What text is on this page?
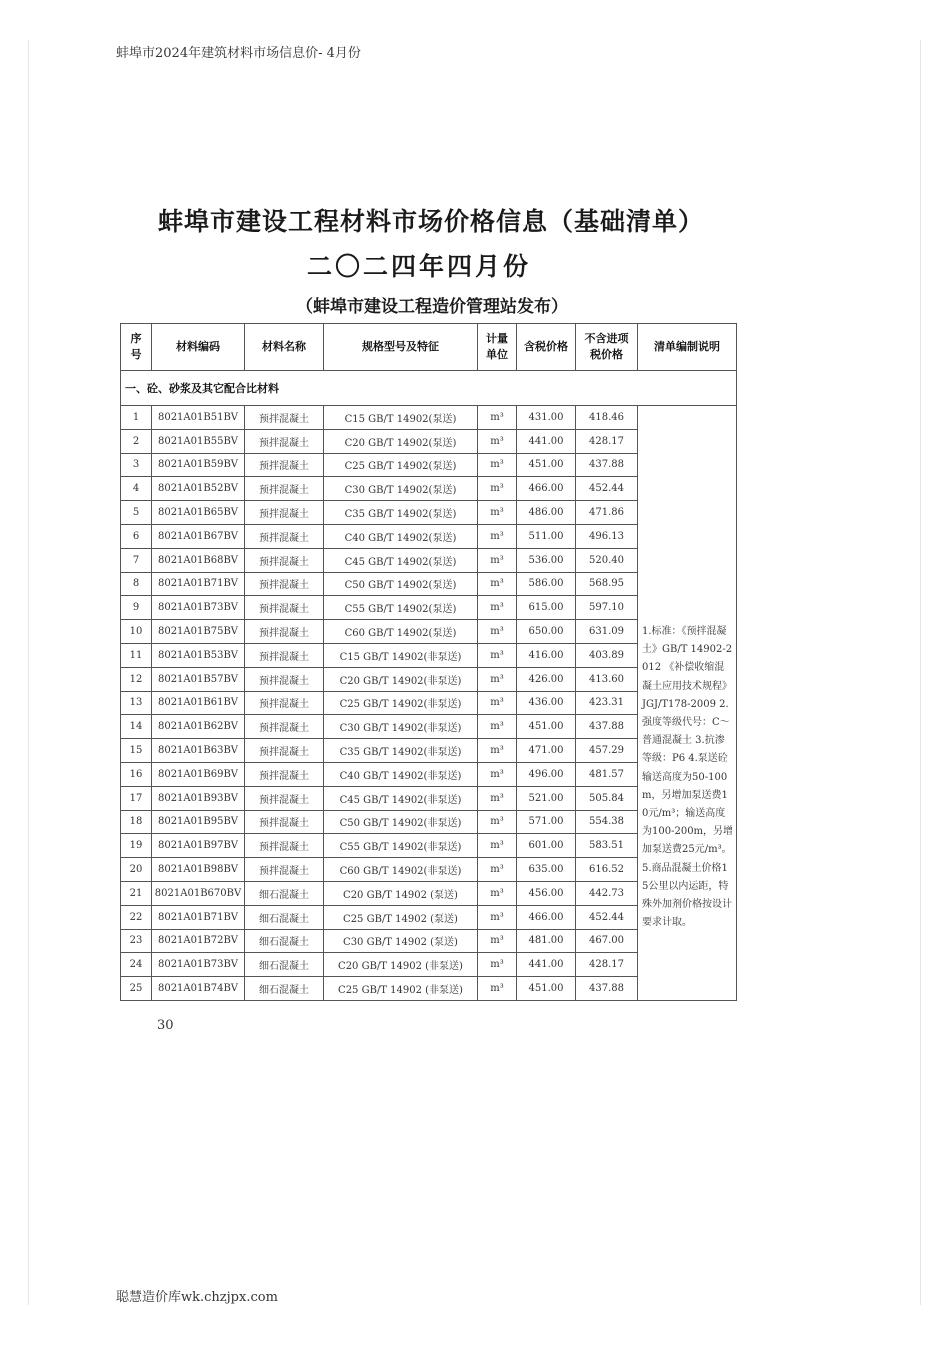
蚌埠市2024年建筑材料市场信息价- 4月份
蚌埠市建设工程材料市场价格信息（基础清单）
二〇二四年四月份
（蚌埠市建设工程造价管理站发布）
序号	材料编码	材料名称	规格型号及特征	计量单位	含税价格	不含进项税价格	清单编制说明
一、砼、砂浆及其它配合比材料							
1	8021A01B51BV	预拌混凝土	C15 GB/T 14902(泵送)	m³	431.00	418.46	1.标准：《预拌混凝土》GB/T 14902-2012 《补偿收缩混凝土应用技术规程》JGJ/T178-2009 2.强度等级代号：C～普通混凝土 3.抗渗等级：P6 4.泵送砼输送高度为50-100m，另增加泵送费10元/m³；输送高度为100-200m，另增加泵送费25元/m³。5.商品混凝土价格15公里以内运距，特殊外加剂价格按设计要求计取。
2	8021A01B55BV	预拌混凝土	C20 GB/T 14902(泵送)	m³	441.00	428.17	
3	8021A01B59BV	预拌混凝土	C25 GB/T 14902(泵送)	m³	451.00	437.88	
4	8021A01B52BV	预拌混凝土	C30 GB/T 14902(泵送)	m³	466.00	452.44	
5	8021A01B65BV	预拌混凝土	C35 GB/T 14902(泵送)	m³	486.00	471.86	
6	8021A01B67BV	预拌混凝土	C40 GB/T 14902(泵送)	m³	511.00	496.13	
7	8021A01B68BV	预拌混凝土	C45 GB/T 14902(泵送)	m³	536.00	520.40	
8	8021A01B71BV	预拌混凝土	C50 GB/T 14902(泵送)	m³	586.00	568.95	
9	8021A01B73BV	预拌混凝土	C55 GB/T 14902(泵送)	m³	615.00	597.10	
10	8021A01B75BV	预拌混凝土	C60 GB/T 14902(泵送)	m³	650.00	631.09	
11	8021A01B53BV	预拌混凝土	C15 GB/T 14902(非泵送)	m³	416.00	403.89	
12	8021A01B57BV	预拌混凝土	C20 GB/T 14902(非泵送)	m³	426.00	413.60	
13	8021A01B61BV	预拌混凝土	C25 GB/T 14902(非泵送)	m³	436.00	423.31	
14	8021A01B62BV	预拌混凝土	C30 GB/T 14902(非泵送)	m³	451.00	437.88	
15	8021A01B63BV	预拌混凝土	C35 GB/T 14902(非泵送)	m³	471.00	457.29	
16	8021A01B69BV	预拌混凝土	C40 GB/T 14902(非泵送)	m³	496.00	481.57	
17	8021A01B93BV	预拌混凝土	C45 GB/T 14902(非泵送)	m³	521.00	505.84	
18	8021A01B95BV	预拌混凝土	C50 GB/T 14902(非泵送)	m³	571.00	554.38	
19	8021A01B97BV	预拌混凝土	C55 GB/T 14902(非泵送)	m³	601.00	583.51	
20	8021A01B98BV	预拌混凝土	C60 GB/T 14902(非泵送)	m³	635.00	616.52	
21	8021A01B670BV	细石混凝土	C20 GB/T 14902 (泵送)	m³	456.00	442.73	
22	8021A01B71BV	细石混凝土	C25 GB/T 14902 (泵送)	m³	466.00	452.44	
23	8021A01B72BV	细石混凝土	C30 GB/T 14902 (泵送)	m³	481.00	467.00	
24	8021A01B73BV	细石混凝土	C20 GB/T 14902 (非泵送)	m³	441.00	428.17	
25	8021A01B74BV	细石混凝土	C25 GB/T 14902 (非泵送)	m³	451.00	437.88	
30
聪慧造价库wk.chzjpx.com
